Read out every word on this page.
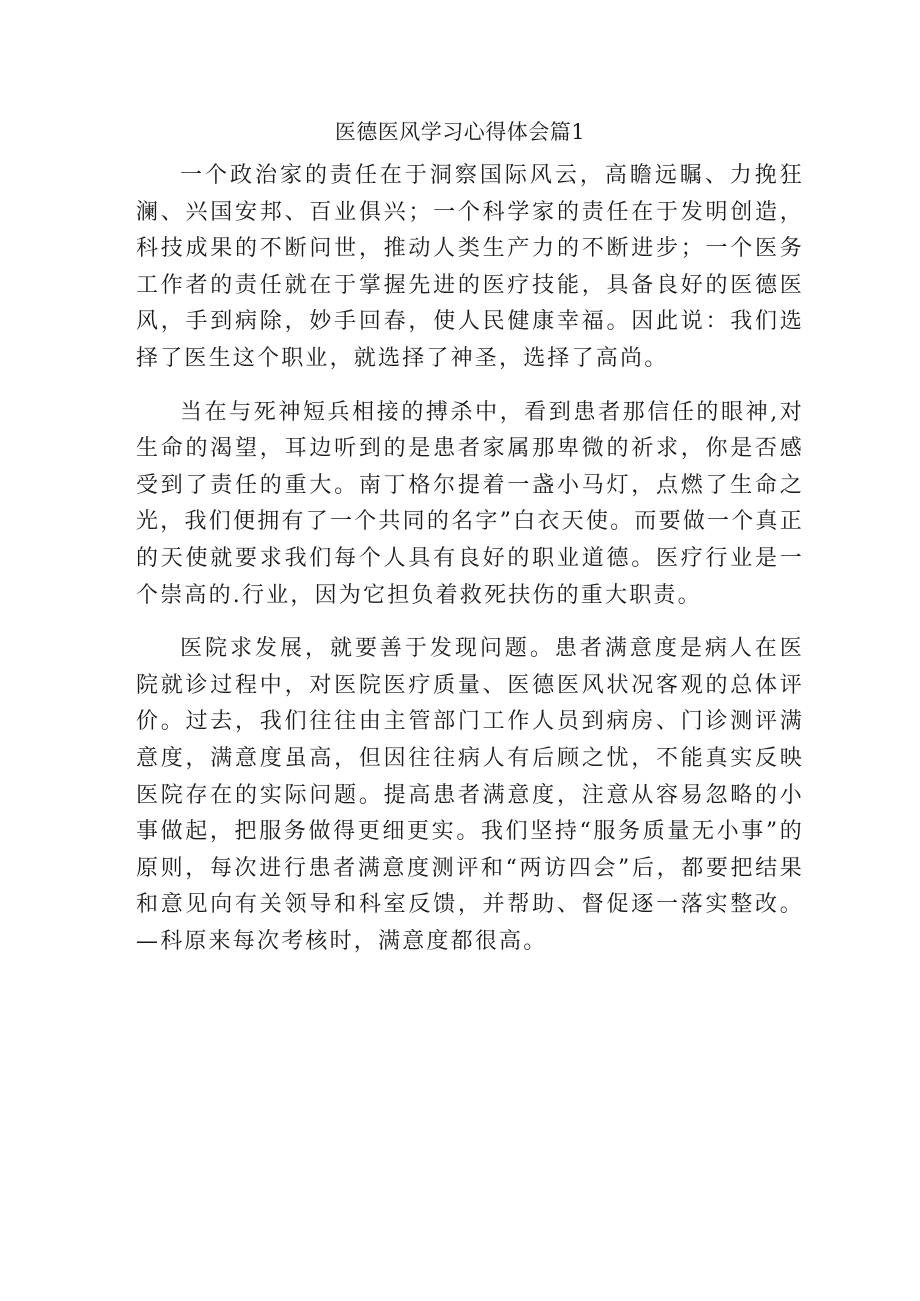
医德医风学习心得体会篇1

一个政治家的责任在于洞察国际风云，高瞻远瞩、力挽狂澜、兴国安邦、百业俱兴；一个科学家的责任在于发明创造，科技成果的不断问世，推动人类生产力的不断进步；一个医务工作者的责任就在于掌握先进的医疗技能，具备良好的医德医风，手到病除，妙手回春，使人民健康幸福。因此说：我们选择了医生这个职业，就选择了神圣，选择了高尚。

当在与死神短兵相接的搏杀中，看到患者那信任的眼神,对生命的渴望，耳边听到的是患者家属那卑微的祈求，你是否感受到了责任的重大。南丁格尔提着一盏小马灯，点燃了生命之光，我们便拥有了一个共同的名字”白衣天使。而要做一个真正的天使就要求我们每个人具有良好的职业道德。医疗行业是一个崇高的.行业，因为它担负着救死扶伤的重大职责。

医院求发展，就要善于发现问题。患者满意度是病人在医院就诊过程中，对医院医疗质量、医德医风状况客观的总体评价。过去，我们往往由主管部门工作人员到病房、门诊测评满意度，满意度虽高，但因往往病人有后顾之忧，不能真实反映医院存在的实际问题。提高患者满意度，注意从容易忽略的小事做起，把服务做得更细更实。我们坚持“服务质量无小事”的原则，每次进行患者满意度测评和“两访四会”后，都要把结果和意见向有关领导和科室反馈，并帮助、督促逐一落实整改。—科原来每次考核时，满意度都很高。
